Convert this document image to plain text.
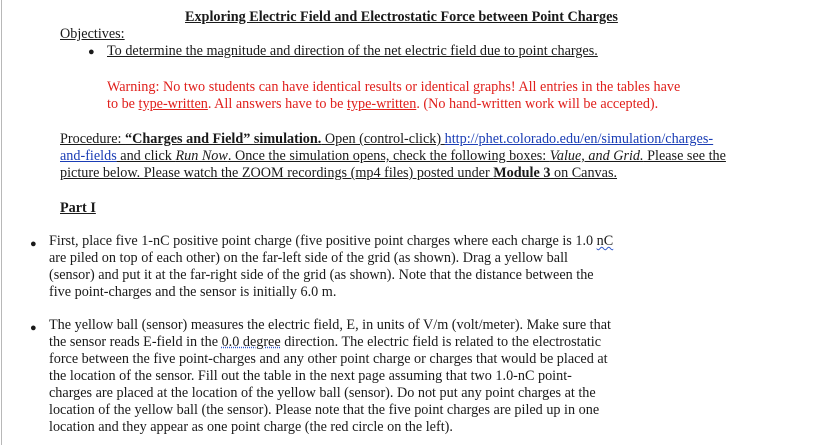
Exploring Electric Field and Electrostatic Force between Point Charges
Objectives:
● To determine the magnitude and direction of the net electric field due to point charges.
Warning: No two students can have identical results or identical graphs! All entries in the tables have
to be type-written. All answers have to be type-written. (No hand-written work will be accepted).
Procedure: “Charges and Field” simulation. Open (control-click) http://phet.colorado.edu/en/simulation/charges-
and-fields and click Run Now. Once the simulation opens, check the following boxes: Value, and Grid. Please see the
picture below. Please watch the ZOOM recordings (mp4 files) posted under Module 3 on Canvas.
Part I
● First, place five 1-nC positive point charge (five positive point charges where each charge is 1.0 nC
are piled on top of each other) on the far-left side of the grid (as shown). Drag a yellow ball
(sensor) and put it at the far-right side of the grid (as shown). Note that the distance between the
five point-charges and the sensor is initially 6.0 m.
● The yellow ball (sensor) measures the electric field, E, in units of V/m (volt/meter). Make sure that
the sensor reads E-field in the 0.0 degree direction. The electric field is related to the electrostatic
force between the five point-charges and any other point charge or charges that would be placed at
the location of the sensor. Fill out the table in the next page assuming that two 1.0-nC point-
charges are placed at the location of the yellow ball (sensor). Do not put any point charges at the
location of the yellow ball (the sensor). Please note that the five point charges are piled up in one
location and they appear as one point charge (the red circle on the left).
